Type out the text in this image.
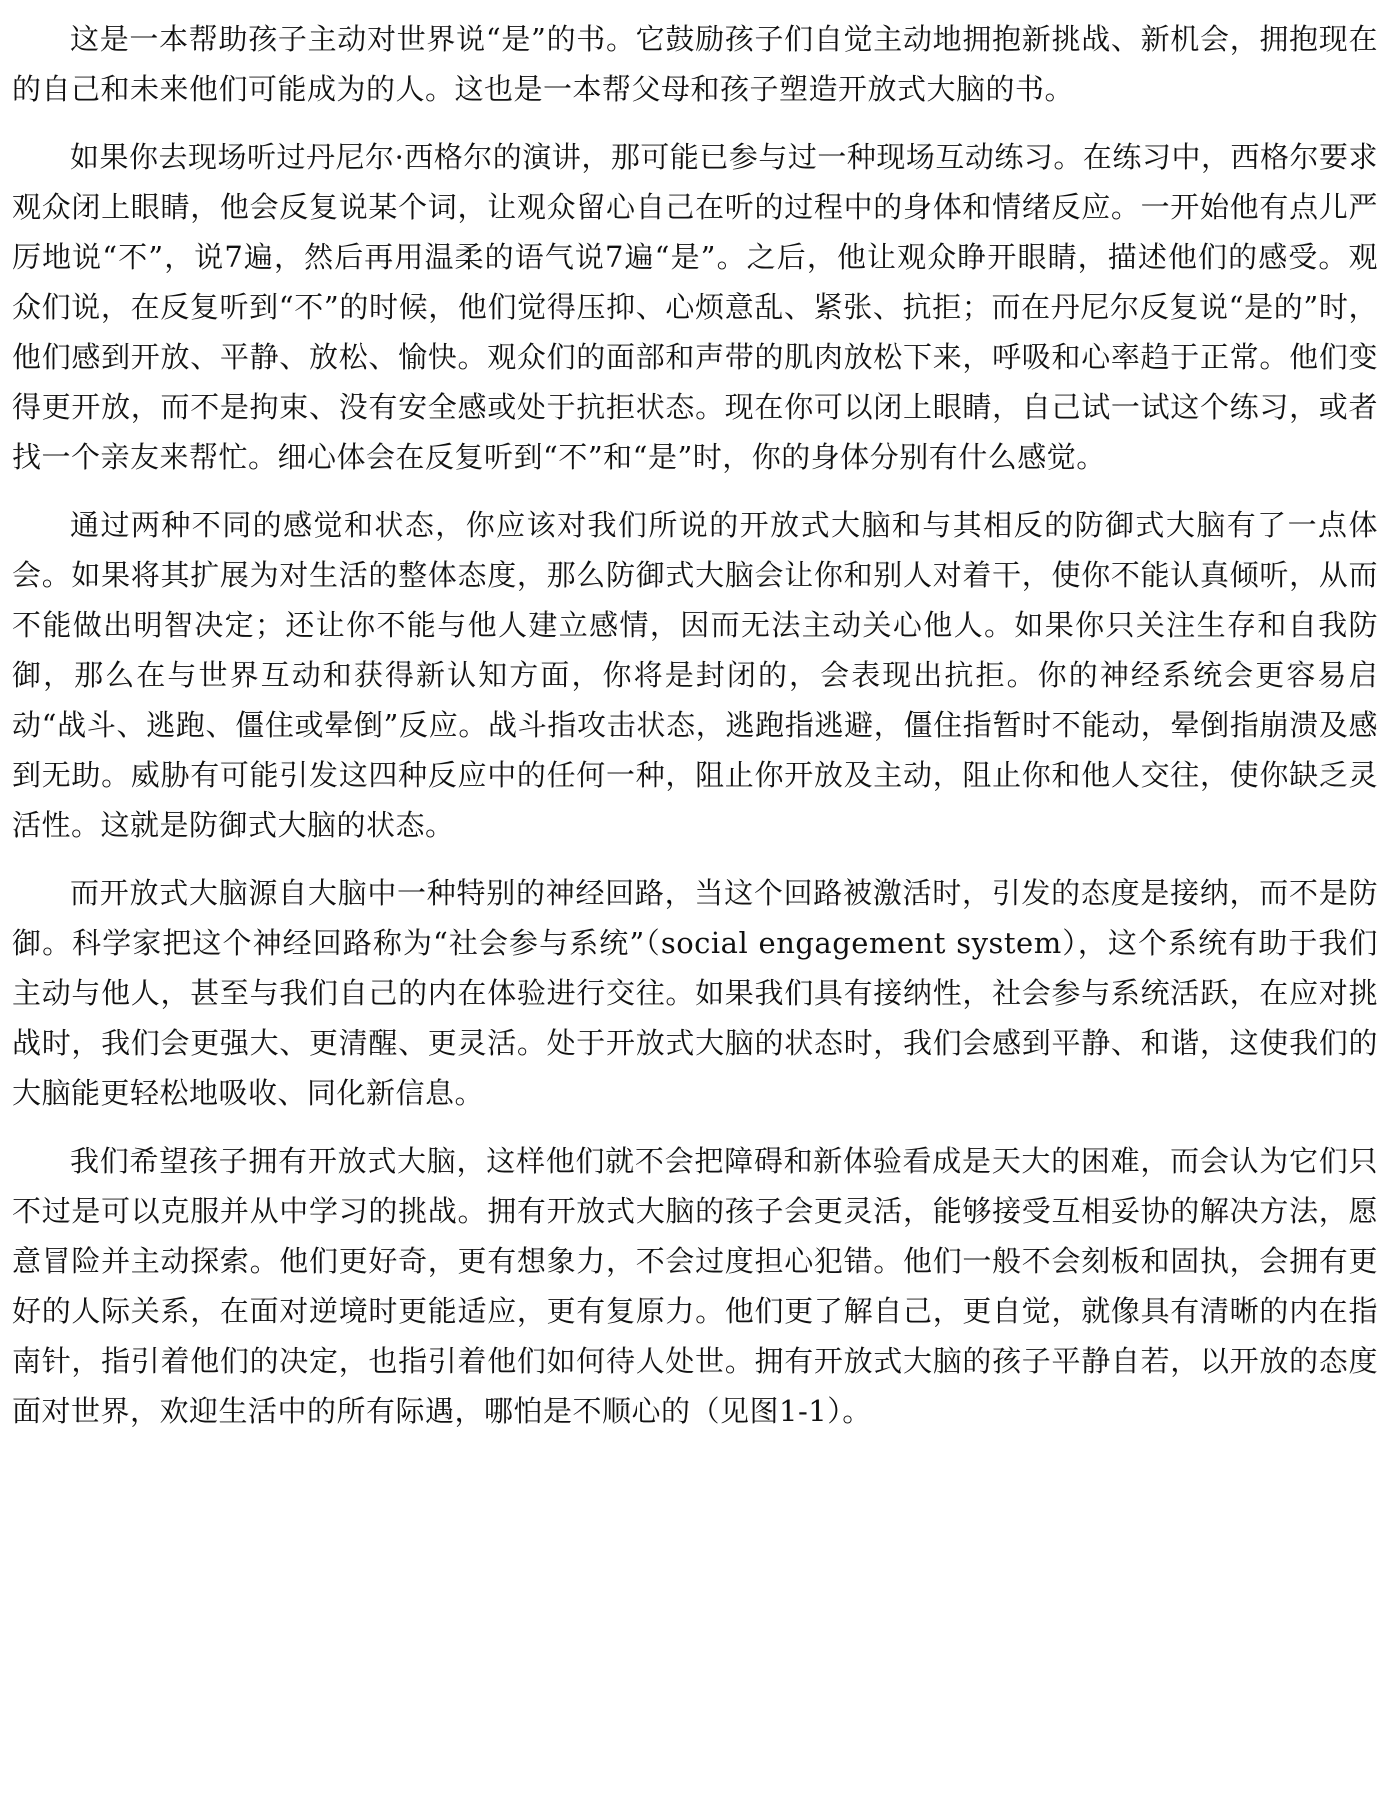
这是一本帮助孩子主动对世界说“是”的书。它鼓励孩子们自觉主动地拥抱新挑战、新机会，拥抱现在的自己和未来他们可能成为的人。这也是一本帮父母和孩子塑造开放式大脑的书。

如果你去现场听过丹尼尔·西格尔的演讲，那可能已参与过一种现场互动练习。在练习中，西格尔要求观众闭上眼睛，他会反复说某个词，让观众留心自己在听的过程中的身体和情绪反应。一开始他有点儿严厉地说“不”，说7遍，然后再用温柔的语气说7遍“是”。之后，他让观众睁开眼睛，描述他们的感受。观众们说，在反复听到“不”的时候，他们觉得压抑、心烦意乱、紧张、抗拒；而在丹尼尔反复说“是的”时，他们感到开放、平静、放松、愉快。观众们的面部和声带的肌肉放松下来，呼吸和心率趋于正常。他们变得更开放，而不是拘束、没有安全感或处于抗拒状态。现在你可以闭上眼睛，自己试一试这个练习，或者找一个亲友来帮忙。细心体会在反复听到“不”和“是”时，你的身体分别有什么感觉。

通过两种不同的感觉和状态，你应该对我们所说的开放式大脑和与其相反的防御式大脑有了一点体会。如果将其扩展为对生活的整体态度，那么防御式大脑会让你和别人对着干，使你不能认真倾听，从而不能做出明智决定；还让你不能与他人建立感情，因而无法主动关心他人。如果你只关注生存和自我防御，那么在与世界互动和获得新认知方面，你将是封闭的，会表现出抗拒。你的神经系统会更容易启动“战斗、逃跑、僵住或晕倒”反应。战斗指攻击状态，逃跑指逃避，僵住指暂时不能动，晕倒指崩溃及感到无助。威胁有可能引发这四种反应中的任何一种，阻止你开放及主动，阻止你和他人交往，使你缺乏灵活性。这就是防御式大脑的状态。

而开放式大脑源自大脑中一种特别的神经回路，当这个回路被激活时，引发的态度是接纳，而不是防御。科学家把这个神经回路称为“社会参与系统”（social engagement system），这个系统有助于我们主动与他人，甚至与我们自己的内在体验进行交往。如果我们具有接纳性，社会参与系统活跃，在应对挑战时，我们会更强大、更清醒、更灵活。处于开放式大脑的状态时，我们会感到平静、和谐，这使我们的大脑能更轻松地吸收、同化新信息。

我们希望孩子拥有开放式大脑，这样他们就不会把障碍和新体验看成是天大的困难，而会认为它们只不过是可以克服并从中学习的挑战。拥有开放式大脑的孩子会更灵活，能够接受互相妥协的解决方法，愿意冒险并主动探索。他们更好奇，更有想象力，不会过度担心犯错。他们一般不会刻板和固执，会拥有更好的人际关系，在面对逆境时更能适应，更有复原力。他们更了解自己，更自觉，就像具有清晰的内在指南针，指引着他们的决定，也指引着他们如何待人处世。拥有开放式大脑的孩子平静自若，以开放的态度面对世界，欢迎生活中的所有际遇，哪怕是不顺心的（见图1-1）。
